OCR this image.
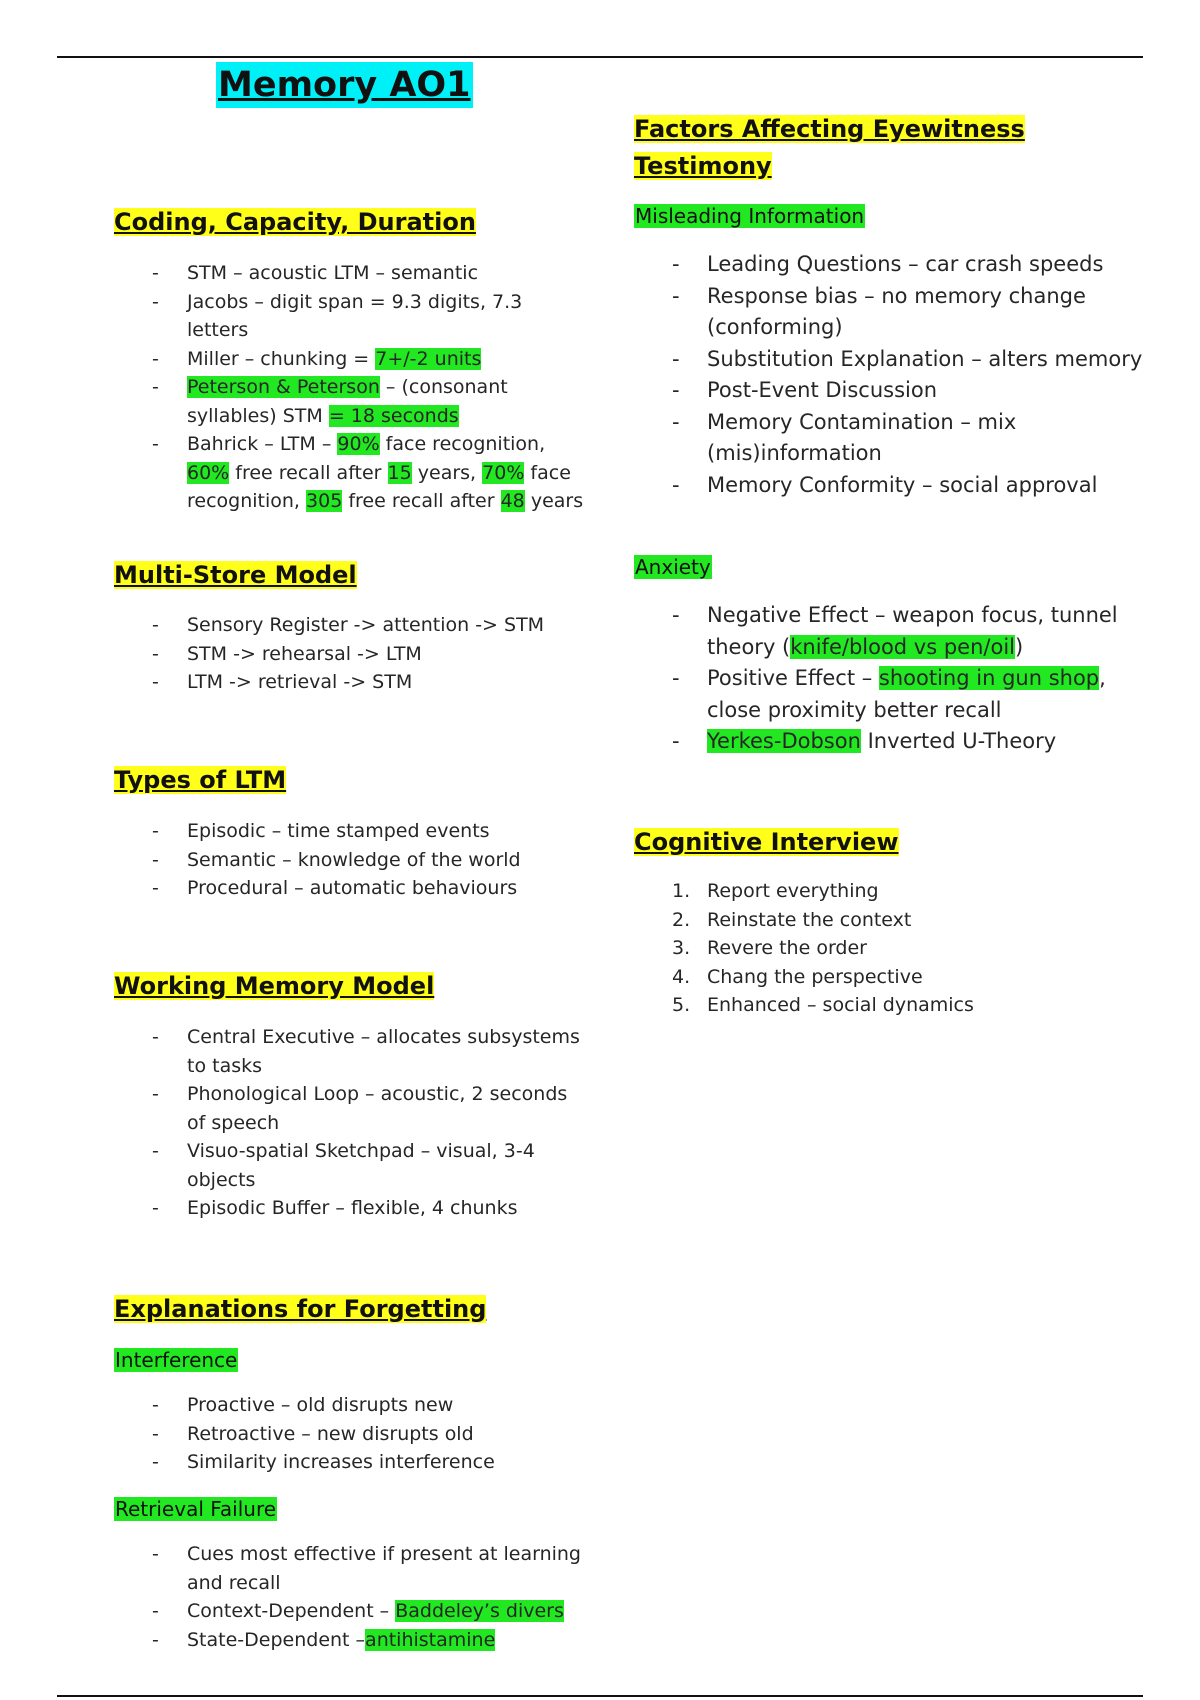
Memory AO1
Coding, Capacity, Duration
- STM – acoustic LTM – semantic
- Jacobs – digit span = 9.3 digits, 7.3 letters
- Miller – chunking = 7+/-2 units
- Peterson & Peterson – (consonant syllables) STM = 18 seconds
- Bahrick – LTM – 90% face recognition, 60% free recall after 15 years, 70% face recognition, 305 free recall after 48 years
Multi-Store Model
- Sensory Register -> attention -> STM
- STM -> rehearsal -> LTM
- LTM -> retrieval -> STM
Types of LTM
- Episodic – time stamped events
- Semantic – knowledge of the world
- Procedural – automatic behaviours
Working Memory Model
- Central Executive – allocates subsystems to tasks
- Phonological Loop – acoustic, 2 seconds of speech
- Visuo-spatial Sketchpad – visual, 3-4 objects
- Episodic Buffer – flexible, 4 chunks
Explanations for Forgetting

Interference

- Proactive – old disrupts new
- Retroactive – new disrupts old
- Similarity increases interference

Retrieval Failure

- Cues most effective if present at learning and recall
- Context-Dependent – Baddeley’s divers
- State-Dependent –antihistamine
Factors Affecting Eyewitness
Testimony

Misleading Information

- Leading Questions – car crash speeds
- Response bias – no memory change (conforming)
- Substitution Explanation – alters memory
- Post-Event Discussion
- Memory Contamination – mix (mis)information
- Memory Conformity – social approval

Anxiety

- Negative Effect – weapon focus, tunnel theory (knife/blood vs pen/oil)
- Positive Effect – shooting in gun shop, close proximity better recall
- Yerkes-Dobson Inverted U-Theory
Cognitive Interview
1. Report everything
2. Reinstate the context
3. Revere the order
4. Chang the perspective
5. Enhanced – social dynamics
